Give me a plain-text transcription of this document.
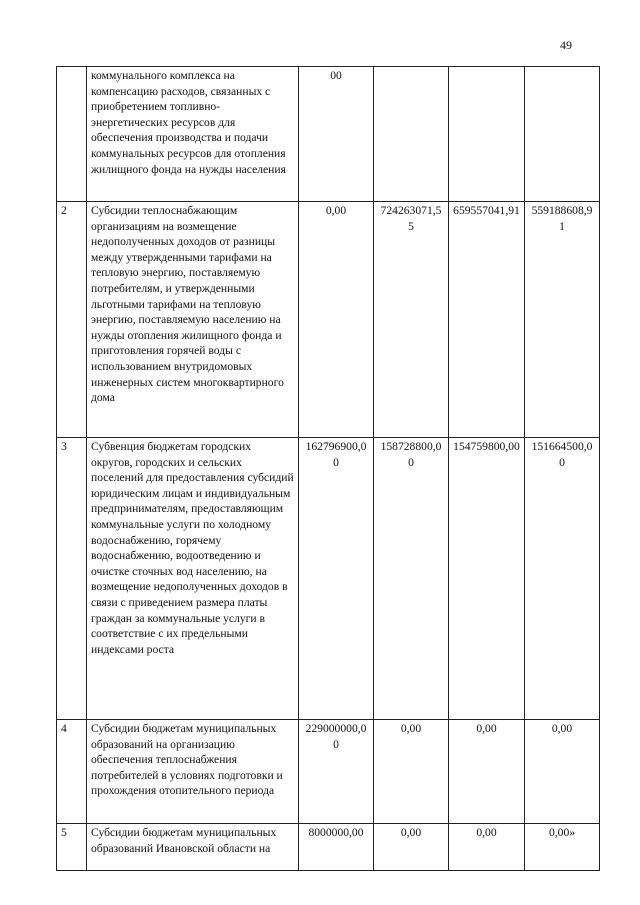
49
	коммунального комплекса на компенсацию расходов, связанных с приобретением топливно-энергетических ресурсов для обеспечения производства и подачи коммунальных ресурсов для отопления жилищного фонда на нужды населения	00			
2	Субсидии теплоснабжающим организациям на возмещение недополученных доходов от разницы между утвержденными тарифами на тепловую энергию, поставляемую потребителям, и утвержденными льготными тарифами на тепловую энергию, поставляемую населению на нужды отопления жилищного фонда и приготовления горячей воды с использованием внутридомовых инженерных систем многоквартирного дома	0,00	724263071,55	659557041,91	559188608,91
3	Субвенция бюджетам городских округов, городских и сельских поселений для предоставления субсидий юридическим лицам и индивидуальным предпринимателям, предоставляющим коммунальные услуги по холодному водоснабжению, горячему водоснабжению, водоотведению и очистке сточных вод населению, на возмещение недополученных доходов в связи с приведением размера платы граждан за коммунальные услуги в соответствие с их предельными индексами роста	162796900,00	158728800,00	154759800,00	151664500,00
4	Субсидии бюджетам муниципальных образований на организацию обеспечения теплоснабжения потребителей в условиях подготовки и прохождения отопительного периода	229000000,00	0,00	0,00	0,00
5	Субсидии бюджетам муниципальных образований Ивановской области на	8000000,00	0,00	0,00	0,00»
